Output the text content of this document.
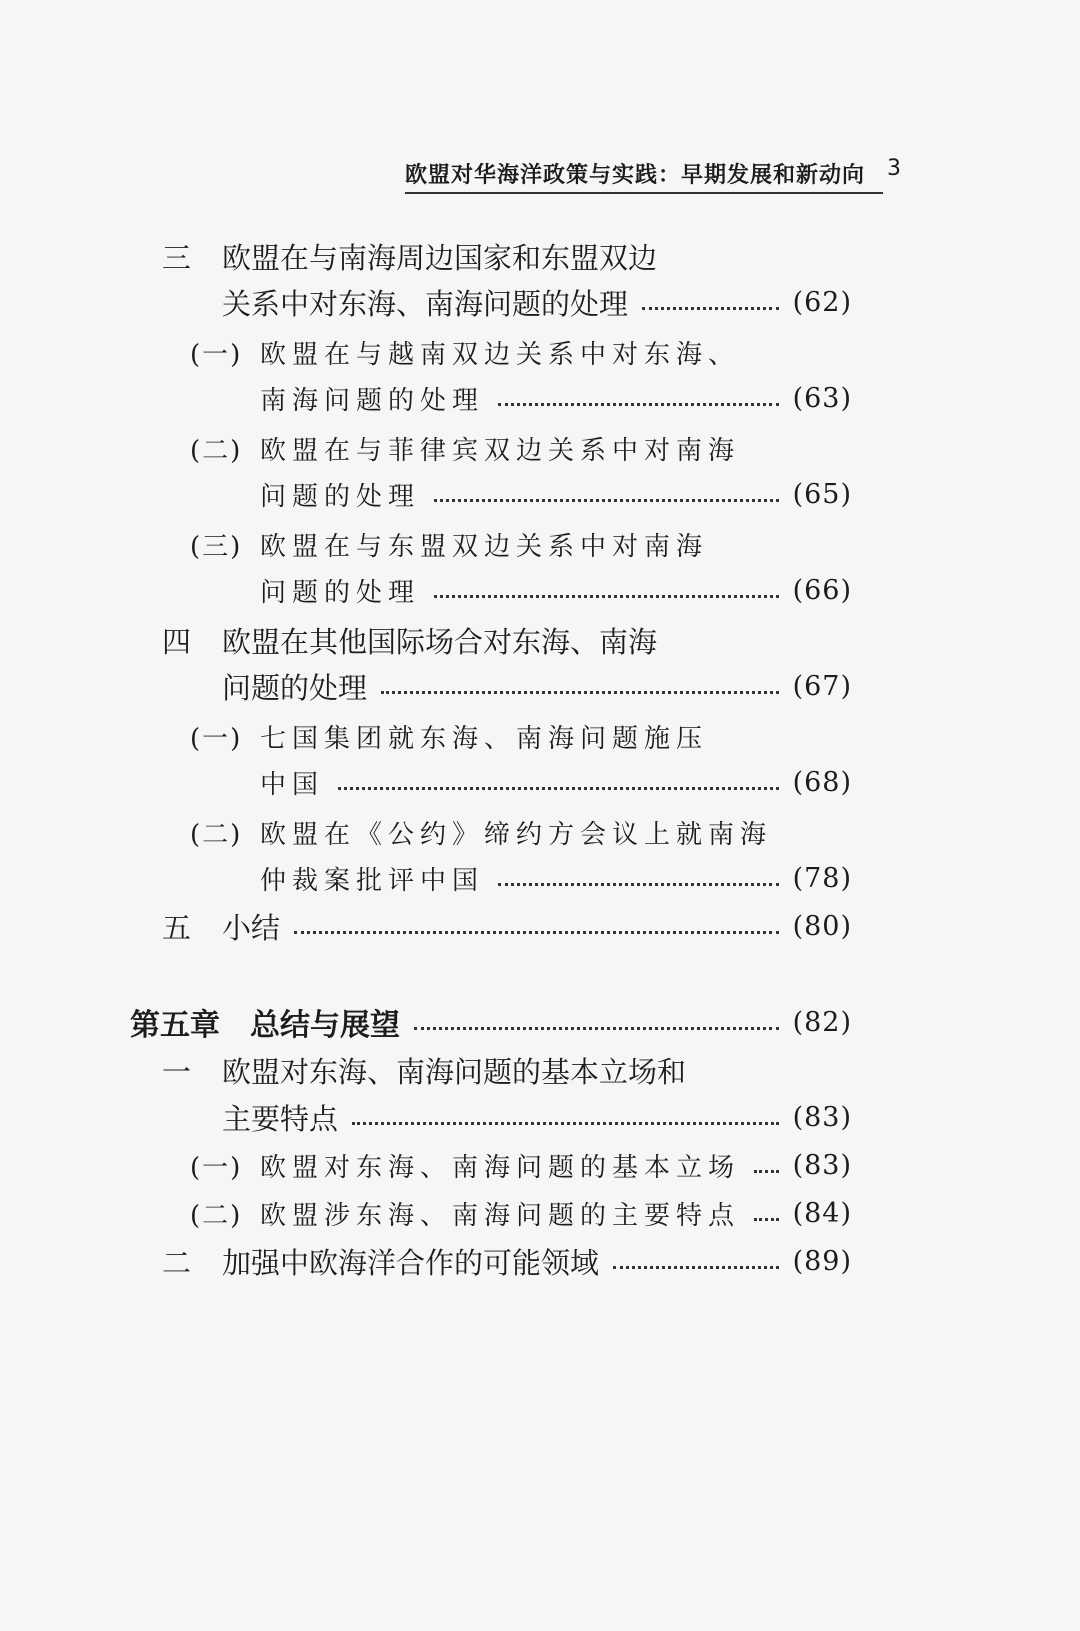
欧盟对华海洋政策与实践：早期发展和新动向 3
三	欧盟在与南海周边国家和东盟双边
关系中对东海、南海问题的处理	(62)
(一) 欧盟在与越南双边关系中对东海、
南海问题的处理	(63)
(二) 欧盟在与菲律宾双边关系中对南海
问题的处理	(65)
(三) 欧盟在与东盟双边关系中对南海
问题的处理	(66)
四	欧盟在其他国际场合对东海、南海
问题的处理	(67)
(一) 七国集团就东海、南海问题施压
中国	(68)
(二) 欧盟在《公约》缔约方会议上就南海
仲裁案批评中国	(78)
五	小结	(80)
第五章	总结与展望	(82)
一	欧盟对东海、南海问题的基本立场和
主要特点	(83)
(一) 欧盟对东海、南海问题的基本立场 (83)
(二) 欧盟涉东海、南海问题的主要特点 (84)
二	加强中欧海洋合作的可能领域	(89)
